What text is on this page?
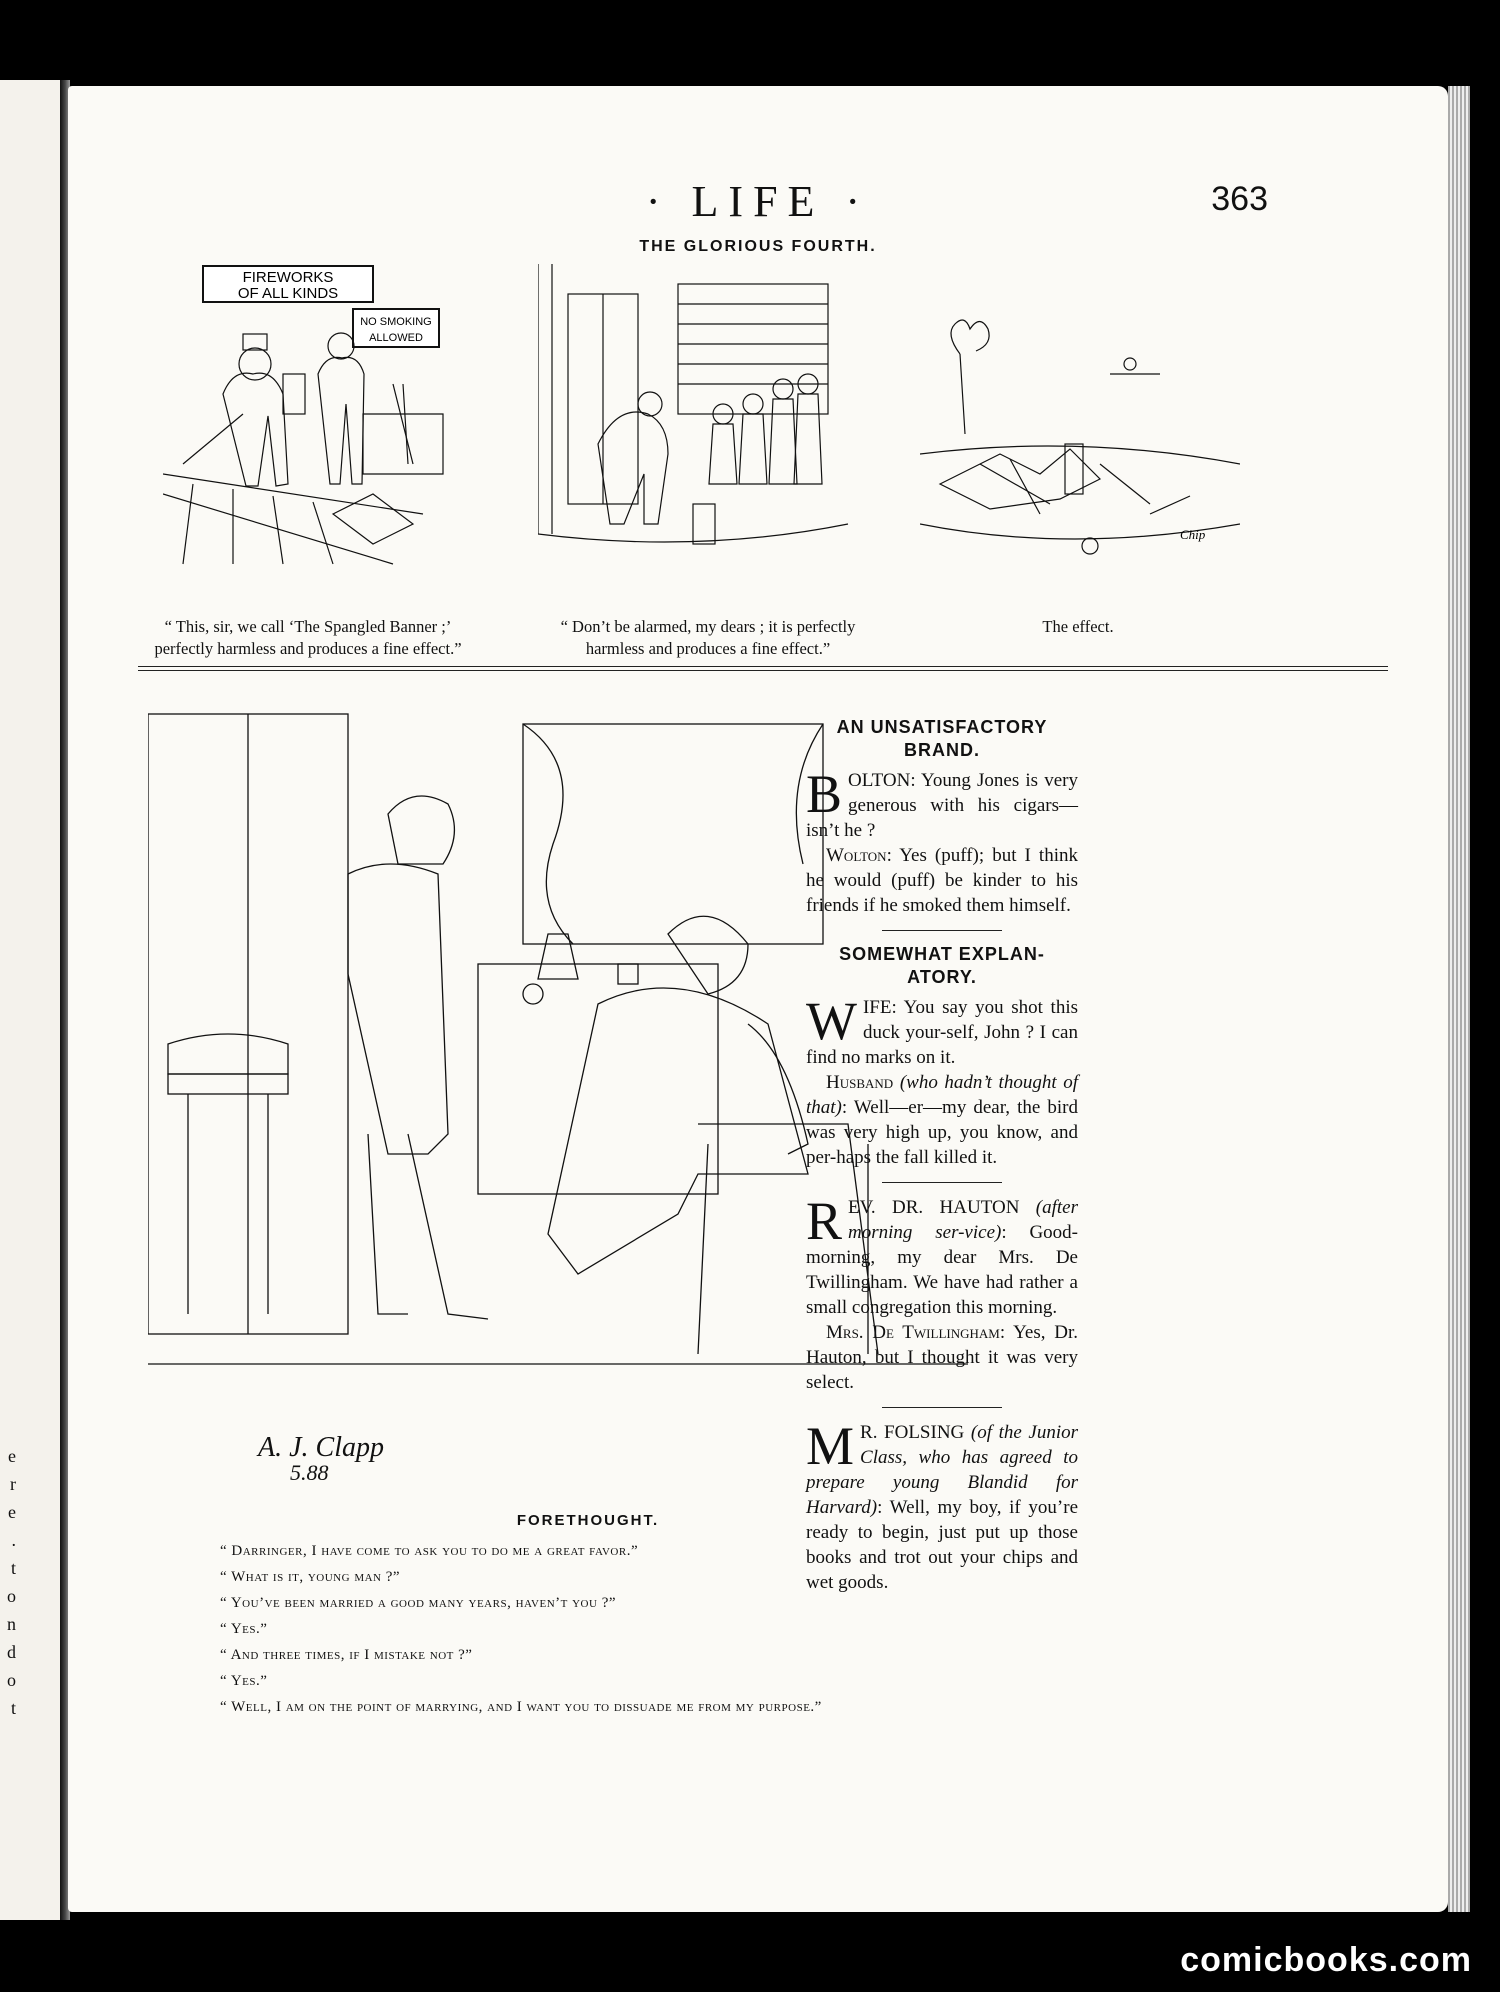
e
r
e
.
t
o
n
d
o
t
· LIFE ·	363
THE GLORIOUS FOURTH.
FIREWORKS
OF ALL KINDS
NO SMOKING
ALLOWED
“ This, sir, we call ‘The Spangled Banner ;’
perfectly harmless and produces a fine effect.”
“ Don’t be alarmed, my dears ; it is perfectly
harmless and produces a fine effect.”
Chip
The effect.
A. J. Clapp
5.88
FORETHOUGHT.

“ Darringer, I have come to ask you to do me a great favor.”

“ What is it, young man ?”

“ You’ve been married a good many years, haven’t you ?”

“ Yes.”

“ And three times, if I mistake not ?”

“ Yes.”

“ Well, I am on the point of marrying, and I want you to dissuade me from my purpose.”

AN UNSATISFACTORY BRAND.

BOLTON: Young Jones is very generous with his cigars—isn’t he ?

Wolton: Yes (puff); but I think he would (puff) be kinder to his friends if he smoked them himself.

SOMEWHAT EXPLAN-ATORY.

WIFE: You say you shot this duck your-self, John ? I can find no marks on it.

Husband (who hadn’t thought of that): Well—er—my dear, the bird was very high up, you know, and per-haps the fall killed it.

REV. DR. HAUTON (after morning ser-vice): Good-morning, my dear Mrs. De Twillingham. We have had rather a small congregation this morning.

Mrs. De Twillingham: Yes, Dr. Hauton, but I thought it was very select.

M R. FOLSING (of the Junior Class, who has agreed to prepare young Blandid for Harvard): Well, my boy, if you’re ready to begin, just put up those books and trot out your chips and wet goods.

comicbooks.com
